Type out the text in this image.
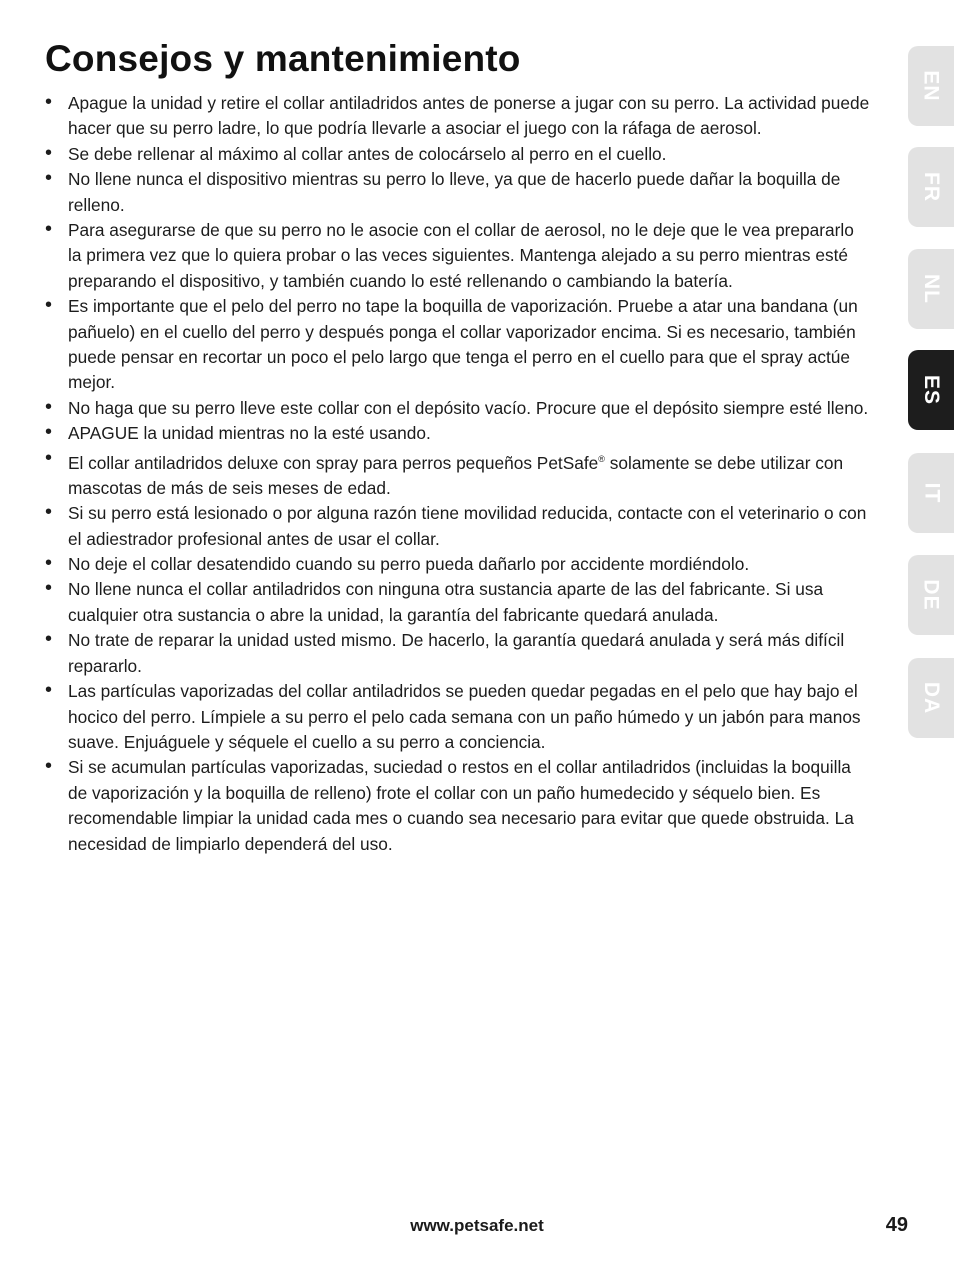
Consejos y mantenimiento
• Apague la unidad y retire el collar antiladridos antes de ponerse a jugar con su perro. La actividad puede hacer que su perro ladre, lo que podría llevarle a asociar el juego con la ráfaga de aerosol.
• Se debe rellenar al máximo al collar antes de colocárselo al perro en el cuello.
• No llene nunca el dispositivo mientras su perro lo lleve, ya que de hacerlo puede dañar la boquilla de relleno.
• Para asegurarse de que su perro no le asocie con el collar de aerosol, no le deje que le vea prepararlo la primera vez que lo quiera probar o las veces siguientes. Mantenga alejado a su perro mientras esté preparando el dispositivo, y también cuando lo esté rellenando o cambiando la batería.
• Es importante que el pelo del perro no tape la boquilla de vaporización. Pruebe a atar una bandana (un pañuelo) en el cuello del perro y después ponga el collar vaporizador encima. Si es necesario, también puede pensar en recortar un poco el pelo largo que tenga el perro en el cuello para que el spray actúe mejor.
• No haga que su perro lleve este collar con el depósito vacío. Procure que el depósito siempre esté lleno.
• APAGUE la unidad mientras no la esté usando.
• El collar antiladridos deluxe con spray para perros pequeños PetSafe® solamente se debe utilizar con mascotas de más de seis meses de edad.
• Si su perro está lesionado o por alguna razón tiene movilidad reducida, contacte con el veterinario o con el adiestrador profesional antes de usar el collar.
• No deje el collar desatendido cuando su perro pueda dañarlo por accidente mordiéndolo.
• No llene nunca el collar antiladridos con ninguna otra sustancia aparte de las del fabricante. Si usa cualquier otra sustancia o abre la unidad, la garantía del fabricante quedará anulada.
• No trate de reparar la unidad usted mismo. De hacerlo, la garantía quedará anulada y será más difícil repararlo.
• Las partículas vaporizadas del collar antiladridos se pueden quedar pegadas en el pelo que hay bajo el hocico del perro. Límpiele a su perro el pelo cada semana con un paño húmedo y un jabón para manos suave. Enjuáguele y séquele el cuello a su perro a conciencia.
• Si se acumulan partículas vaporizadas, suciedad o restos en el collar antiladridos (incluidas la boquilla de vaporización y la boquilla de relleno) frote el collar con un paño humedecido y séquelo bien. Es recomendable limpiar la unidad cada mes o cuando sea necesario para evitar que quede obstruida. La necesidad de limpiarlo dependerá del uso.
EN
FR
NL
ES
IT
DE
DA
www.petsafe.net	49
